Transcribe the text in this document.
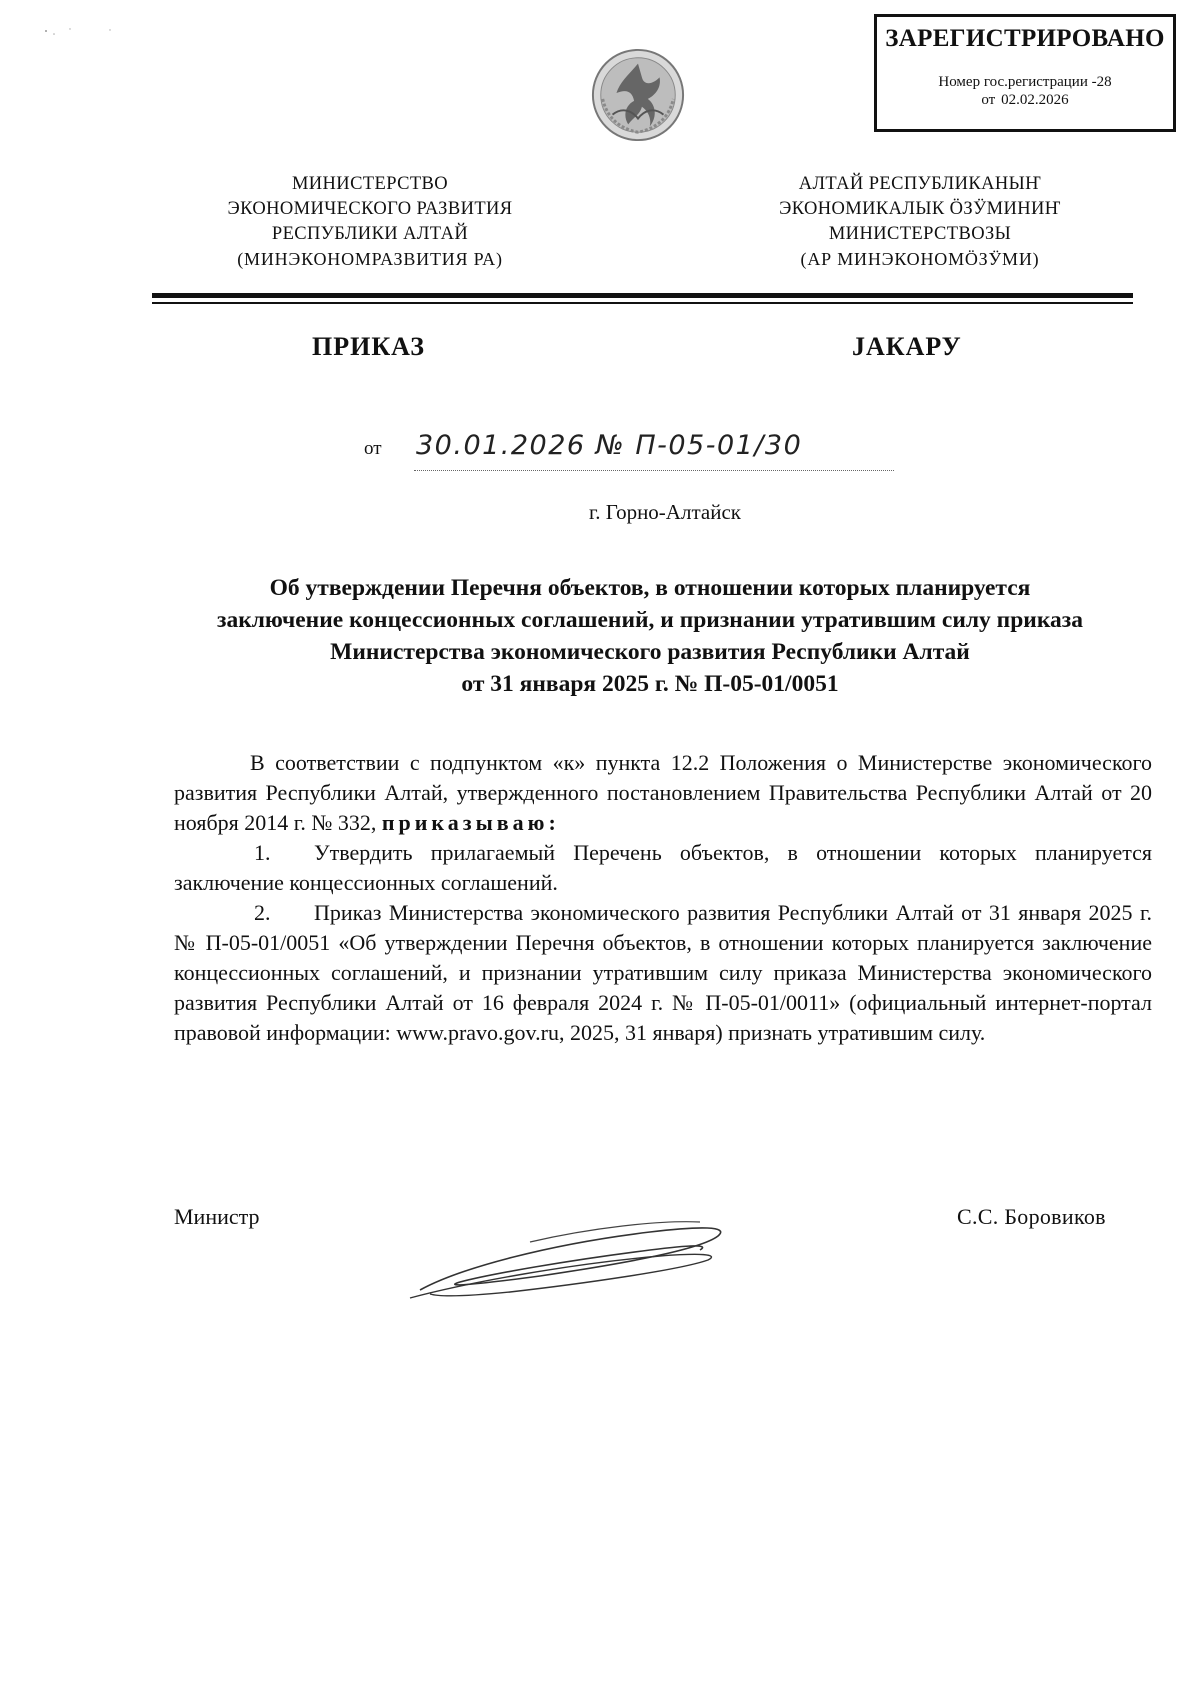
ЗАРЕГИСТРИРОВАНО
Номер гос.регистрации -28
от 02.02.2026
МИНИСТЕРСТВО
ЭКОНОМИЧЕСКОГО РАЗВИТИЯ
РЕСПУБЛИКИ АЛТАЙ
(МИНЭКОНОМРАЗВИТИЯ РА)
АЛТАЙ РЕСПУБЛИКАНЫҤ
ЭКОНОМИКАЛЫК ÖЗӰМИНИҤ
МИНИСТЕРСТВОЗЫ
(АР МИНЭКОНОМÖЗӰМИ)
ПРИКАЗ	JАКАРУ
от 30.01.2026 № П-05-01/30
г. Горно-Алтайск
Об утверждении Перечня объектов, в отношении которых планируется
заключение концессионных соглашений, и признании утратившим силу приказа
Министерства экономического развития Республики Алтай
от 31 января 2025 г. № П-05-01/0051

В соответствии с подпунктом «к» пункта 12.2 Положения о Министерстве экономического развития Республики Алтай, утвержденного постановлением Правительства Республики Алтай от 20 ноября 2014 г. № 332, приказываю:

1. Утвердить прилагаемый Перечень объектов, в отношении которых планируется заключение концессионных соглашений.

2. Приказ Министерства экономического развития Республики Алтай от 31 января 2025 г. № П-05-01/0051 «Об утверждении Перечня объектов, в отношении которых планируется заключение концессионных соглашений, и признании утратившим силу приказа Министерства экономического развития Республики Алтай от 16 февраля 2024 г. № П-05-01/0011» (официальный интернет-портал правовой информации: www.pravo.gov.ru, 2025, 31 января) признать утратившим силу.

Министр	С.С. Боровиков
